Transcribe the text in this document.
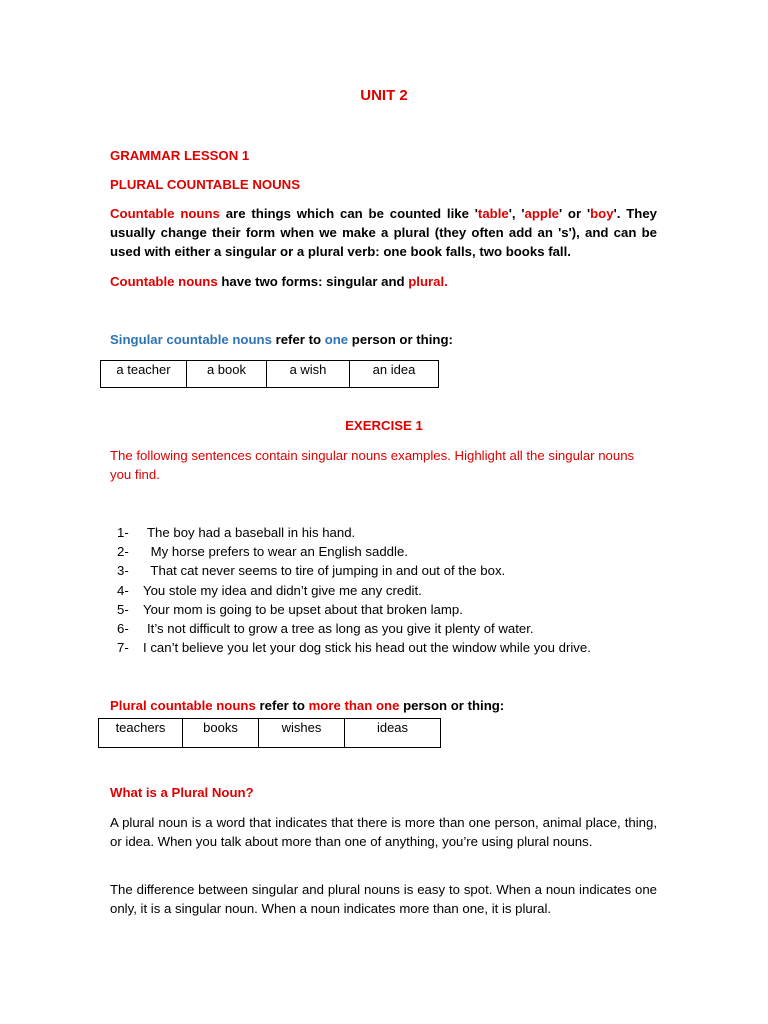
UNIT 2
GRAMMAR LESSON 1
PLURAL COUNTABLE NOUNS
Countable nouns are things which can be counted like 'table', 'apple' or 'boy'. They usually change their form when we make a plural (they often add an 's'), and can be used with either a singular or a plural verb: one book falls, two books fall.
Countable nouns have two forms: singular and plural.
Singular countable nouns refer to one person or thing:
a teacher	a book	a wish	an idea
EXERCISE 1
The following sentences contain singular nouns examples. Highlight all the singular nouns you find.
1- The boy had a baseball in his hand.
2- My horse prefers to wear an English saddle.
3- That cat never seems to tire of jumping in and out of the box.
4- You stole my idea and didn’t give me any credit.
5- Your mom is going to be upset about that broken lamp.
6- It’s not difficult to grow a tree as long as you give it plenty of water.
7- I can’t believe you let your dog stick his head out the window while you drive.
Plural countable nouns refer to more than one person or thing:
teachers	books	wishes	ideas
What is a Plural Noun?
A plural noun is a word that indicates that there is more than one person, animal place, thing, or idea. When you talk about more than one of anything, you’re using plural nouns.
The difference between singular and plural nouns is easy to spot. When a noun indicates one only, it is a singular noun. When a noun indicates more than one, it is plural.
